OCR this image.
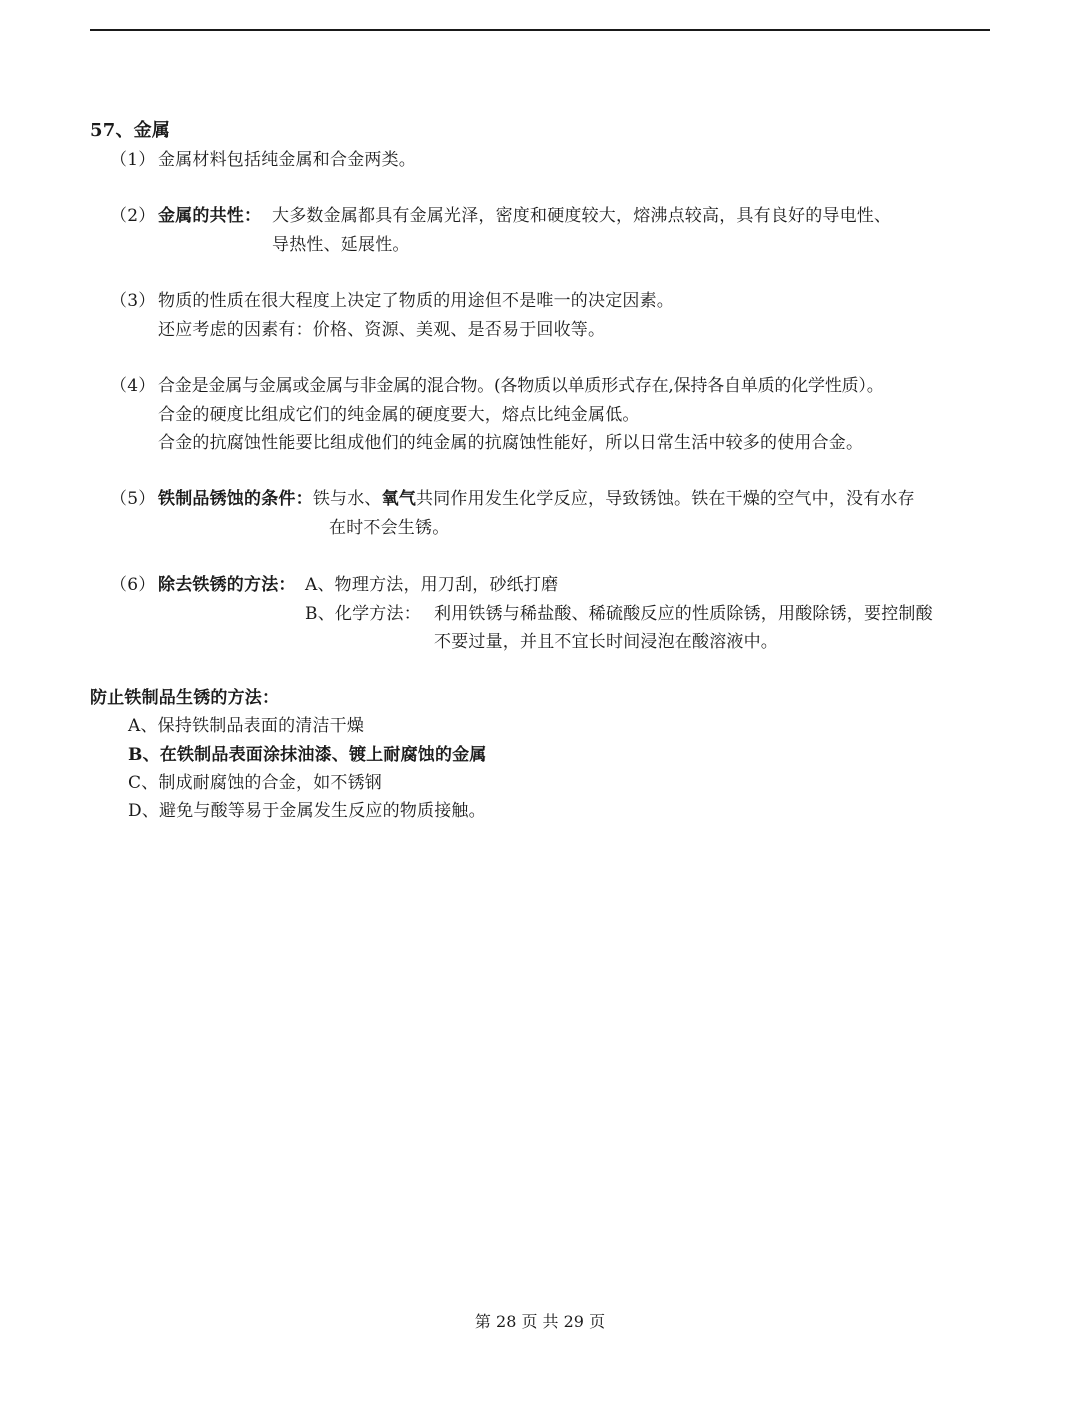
57、金属
（1） 金属材料包括纯金属和合金两类。
（2） 金属的共性： 大多数金属都具有金属光泽，密度和硬度较大，熔沸点较高，具有良好的导电性、
导热性、延展性。
（3） 物质的性质在很大程度上决定了物质的用途但不是唯一的决定因素。
还应考虑的因素有：价格、资源、美观、是否易于回收等。
（4） 合金是金属与金属或金属与非金属的混合物。(各物质以单质形式存在,保持各自单质的化学性质）。
合金的硬度比组成它们的纯金属的硬度要大，熔点比纯金属低。
合金的抗腐蚀性能要比组成他们的纯金属的抗腐蚀性能好，所以日常生活中较多的使用合金。
（5） 铁制品锈蚀的条件：铁与水、氧气共同作用发生化学反应，导致锈蚀。铁在干燥的空气中，没有水存
在时不会生锈。
（6） 除去铁锈的方法： A、物理方法，用刀刮，砂纸打磨
B、化学方法： 利用铁锈与稀盐酸、稀硫酸反应的性质除锈，用酸除锈，要控制酸
不要过量，并且不宜长时间浸泡在酸溶液中。
防止铁制品生锈的方法：
A、保持铁制品表面的清洁干燥
B、在铁制品表面涂抹油漆、镀上耐腐蚀的金属
C、制成耐腐蚀的合金，如不锈钢
D、避免与酸等易于金属发生反应的物质接触。
第 28 页 共 29 页
